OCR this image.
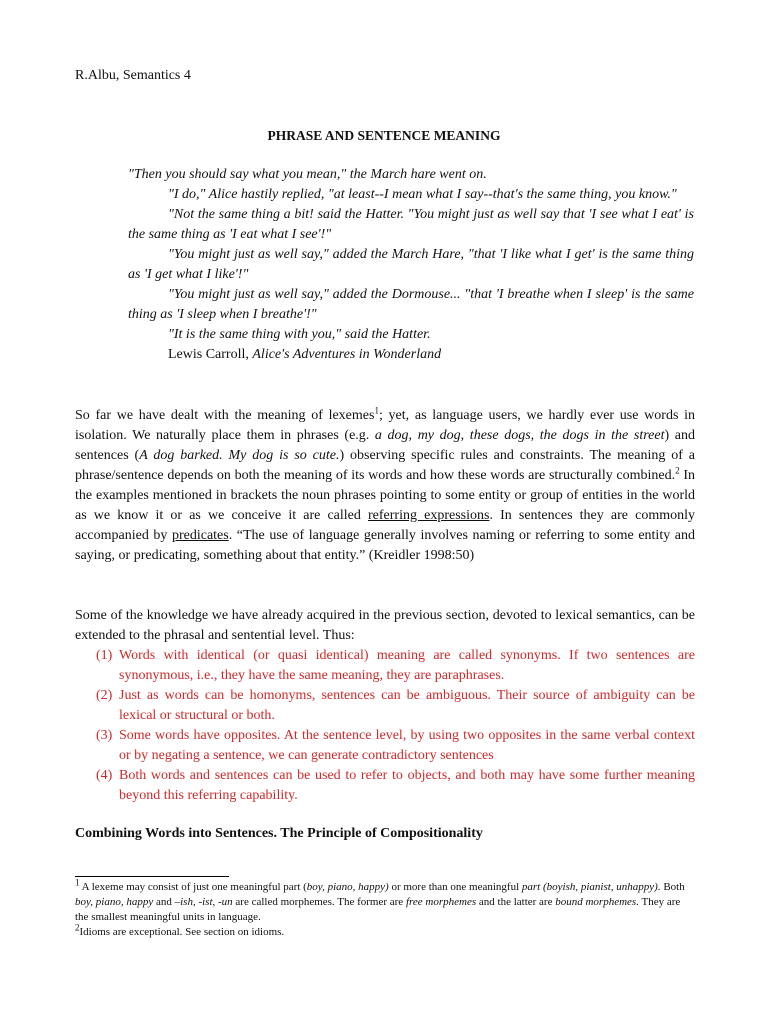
R.Albu, Semantics 4
PHRASE AND SENTENCE MEANING

"Then you should say what you mean," the March hare went on.

"I do," Alice hastily replied, "at least--I mean what I say--that's the same thing, you know."

"Not the same thing a bit! said the Hatter. "You might just as well say that 'I see what I eat' is the same thing as 'I eat what I see'!"

"You might just as well say," added the March Hare, "that 'I like what I get' is the same thing as 'I get what I like'!"

"You might just as well say," added the Dormouse... "that 'I breathe when I sleep' is the same thing as 'I sleep when I breathe'!"

"It is the same thing with you," said the Hatter.

Lewis Carroll, Alice's Adventures in Wonderland

So far we have dealt with the meaning of lexemes$^1$; yet, as language users, we hardly ever use words in isolation. We naturally place them in phrases (e.g. a dog, my dog, these dogs, the dogs in the street) and sentences (A dog barked. My dog is so cute.) observing specific rules and constraints. The meaning of a phrase/sentence depends on both the meaning of its words and how these words are structurally combined.$^2$ In the examples mentioned in brackets the noun phrases pointing to some entity or group of entities in the world as we know it or as we conceive it are called referring expressions. In sentences they are commonly accompanied by predicates. “The use of language generally involves naming or referring to some entity and saying, or predicating, something about that entity.” (Kreidler 1998:50)
Some of the knowledge we have already acquired in the previous section, devoted to lexical semantics, can be extended to the phrasal and sentential level. Thus:
(1) Words with identical (or quasi identical) meaning are called synonyms. If two sentences are synonymous, i.e., they have the same meaning, they are paraphrases.
(2) Just as words can be homonyms, sentences can be ambiguous. Their source of ambiguity can be lexical or structural or both.
(3) Some words have opposites. At the sentence level, by using two opposites in the same verbal context or by negating a sentence, we can generate contradictory sentences
(4) Both words and sentences can be used to refer to objects, and both may have some further meaning beyond this referring capability.
Combining Words into Sentences. The Principle of Compositionality

$^1$ A lexeme may consist of just one meaningful part (boy, piano, happy) or more than one meaningful part (boyish, pianist, unhappy). Both boy, piano, happy and –ish, -ist, -un are called morphemes. The former are free morphemes and the latter are bound morphemes. They are the smallest meaningful units in language.

$^2$Idioms are exceptional. See section on idioms.
